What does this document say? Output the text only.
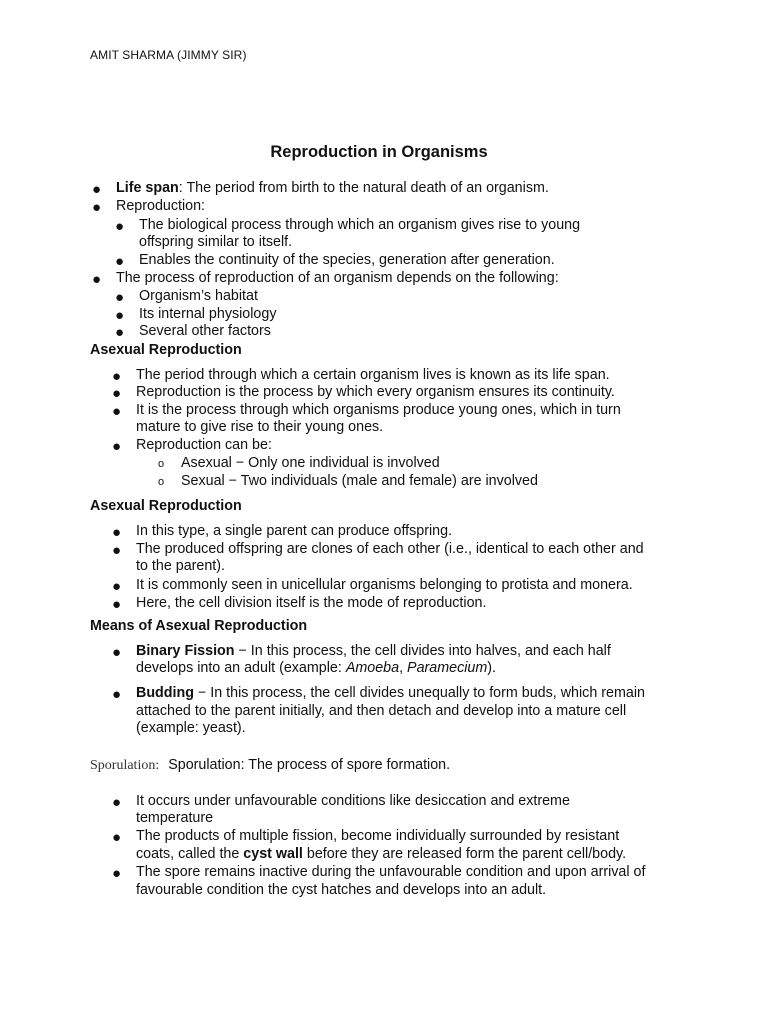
AMIT SHARMA (JIMMY SIR)
Reproduction in Organisms
● Life span: The period from birth to the natural death of an organism.
● Reproduction:
● The biological process through which an organism gives rise to young
offspring similar to itself.
● Enables the continuity of the species, generation after generation.
● The process of reproduction of an organism depends on the following:
● Organism’s habitat
● Its internal physiology
● Several other factors
Asexual Reproduction
● The period through which a certain organism lives is known as its life span.
● Reproduction is the process by which every organism ensures its continuity.
● It is the process through which organisms produce young ones, which in turn
mature to give rise to their young ones.
● Reproduction can be:
o Asexual − Only one individual is involved
o Sexual − Two individuals (male and female) are involved
Asexual Reproduction
● In this type, a single parent can produce offspring.
● The produced offspring are clones of each other (i.e., identical to each other and
to the parent).
● It is commonly seen in unicellular organisms belonging to protista and monera.
● Here, the cell division itself is the mode of reproduction.
Means of Asexual Reproduction
● Binary Fission − In this process, the cell divides into halves, and each half
develops into an adult (example: Amoeba, Paramecium).
● Budding − In this process, the cell divides unequally to form buds, which remain
attached to the parent initially, and then detach and develop into a mature cell
(example: yeast).
Sporulation: Sporulation: The process of spore formation.
● It occurs under unfavourable conditions like desiccation and extreme
temperature
● The products of multiple fission, become individually surrounded by resistant
coats, called the cyst wall before they are released form the parent cell/body.
● The spore remains inactive during the unfavourable condition and upon arrival of
favourable condition the cyst hatches and develops into an adult.
